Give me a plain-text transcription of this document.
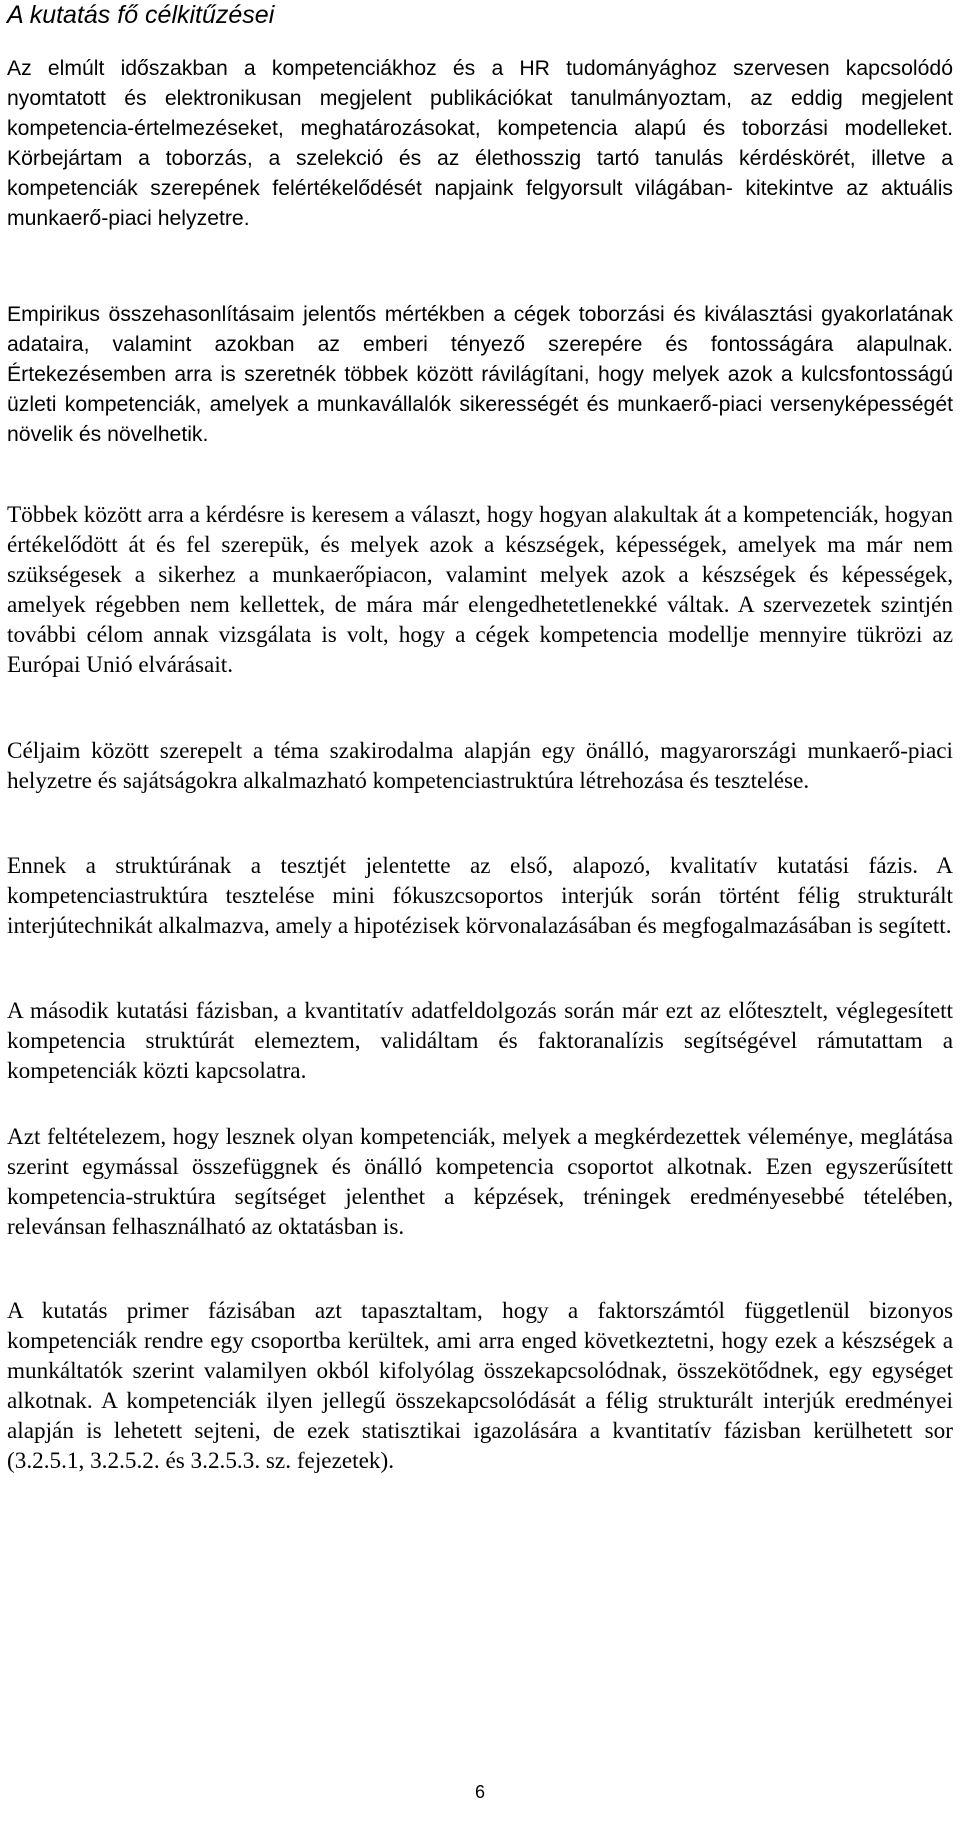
A kutatás fő célkitűzései

Az elmúlt időszakban a kompetenciákhoz és a HR tudományághoz szervesen kapcsolódó nyomtatott és elektronikusan megjelent publikációkat tanulmányoztam, az eddig megjelent kompetencia-értelmezéseket, meghatározásokat, kompetencia alapú és toborzási modelleket. Körbejártam a toborzás, a szelekció és az élethosszig tartó tanulás kérdéskörét, illetve a kompetenciák szerepének felértékelődését napjaink felgyorsult világában- kitekintve az aktuális munkaerő-piaci helyzetre.

Empirikus összehasonlításaim jelentős mértékben a cégek toborzási és kiválasztási gyakorlatának adataira, valamint azokban az emberi tényező szerepére és fontosságára alapulnak. Értekezésemben arra is szeretnék többek között rávilágítani, hogy melyek azok a kulcsfontosságú üzleti kompetenciák, amelyek a munkavállalók sikerességét és munkaerő-piaci versenyképességét növelik és növelhetik.

Többek között arra a kérdésre is keresem a választ, hogy hogyan alakultak át a kompetenciák, hogyan értékelődött át és fel szerepük, és melyek azok a készségek, képességek, amelyek ma már nem szükségesek a sikerhez a munkaerőpiacon, valamint melyek azok a készségek és képességek, amelyek régebben nem kellettek, de mára már elengedhetetlenekké váltak. A szervezetek szintjén további célom annak vizsgálata is volt, hogy a cégek kompetencia modellje mennyire tükrözi az Európai Unió elvárásait.

Céljaim között szerepelt a téma szakirodalma alapján egy önálló, magyarországi munkaerő-piaci helyzetre és sajátságokra alkalmazható kompetenciastruktúra létrehozása és tesztelése.

Ennek a struktúrának a tesztjét jelentette az első, alapozó, kvalitatív kutatási fázis. A kompetenciastruktúra tesztelése mini fókuszcsoportos interjúk során történt félig strukturált interjútechnikát alkalmazva, amely a hipotézisek körvonalazásában és megfogalmazásában is segített.

A második kutatási fázisban, a kvantitatív adatfeldolgozás során már ezt az előtesztelt, véglegesített kompetencia struktúrát elemeztem, validáltam és faktoranalízis segítségével rámutattam a kompetenciák közti kapcsolatra.

Azt feltételezem, hogy lesznek olyan kompetenciák, melyek a megkérdezettek véleménye, meglátása szerint egymással összefüggnek és önálló kompetencia csoportot alkotnak. Ezen egyszerűsített kompetencia-struktúra segítséget jelenthet a képzések, tréningek eredményesebbé tételében, relevánsan felhasználható az oktatásban is.

A kutatás primer fázisában azt tapasztaltam, hogy a faktorszámtól függetlenül bizonyos kompetenciák rendre egy csoportba kerültek, ami arra enged következtetni, hogy ezek a készségek a munkáltatók szerint valamilyen okból kifolyólag összekapcsolódnak, összekötődnek, egy egységet alkotnak. A kompetenciák ilyen jellegű összekapcsolódását a félig strukturált interjúk eredményei alapján is lehetett sejteni, de ezek statisztikai igazolására a kvantitatív fázisban kerülhetett sor (3.2.5.1, 3.2.5.2. és 3.2.5.3. sz. fejezetek).

6
